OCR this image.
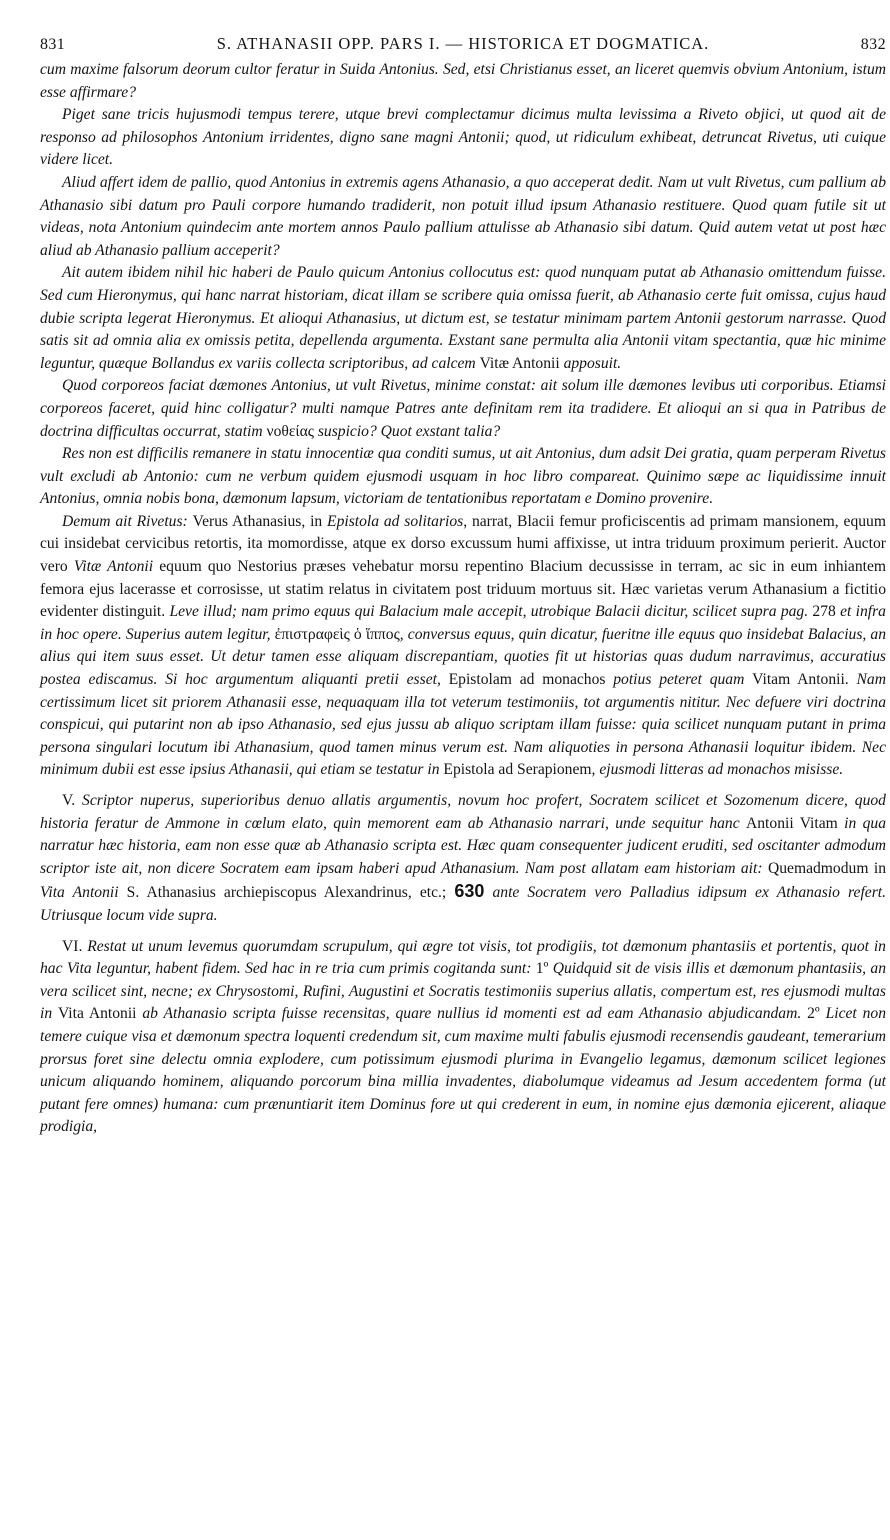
831	S. ATHANASII OPP. PARS I. — HISTORICA ET DOGMATICA.	832

cum maxime falsorum deorum cultor feratur in Suida Antonius. Sed, etsi Christianus esset, an liceret quemvis obvium Antonium, istum esse affirmare?

Piget sane tricis hujusmodi tempus terere, utque brevi complectamur dicimus multa levissima a Riveto objici, ut quod ait de responso ad philosophos Antonium irridentes, digno sane magni Antonii; quod, ut ridiculum exhibeat, detruncat Rivetus, uti cuique videre licet.

Aliud affert idem de pallio, quod Antonius in extremis agens Athanasio, a quo acceperat dedit. Nam ut vult Rivetus, cum pallium ab Athanasio sibi datum pro Pauli corpore humando tradiderit, non potuit illud ipsum Athanasio restituere. Quod quam futile sit ut videas, nota Antonium quindecim ante mortem annos Paulo pallium attulisse ab Athanasio sibi datum. Quid autem vetat ut post hæc aliud ab Athanasio pallium acceperit?

Ait autem ibidem nihil hic haberi de Paulo quicum Antonius collocutus est: quod nunquam putat ab Athanasio omittendum fuisse. Sed cum Hieronymus, qui hanc narrat historiam, dicat illam se scribere quia omissa fuerit, ab Athanasio certe fuit omissa, cujus haud dubie scripta legerat Hieronymus. Et alioqui Athanasius, ut dictum est, se testatur minimam partem Antonii gestorum narrasse. Quod satis sit ad omnia alia ex omissis petita, depellenda argumenta. Exstant sane permulta alia Antonii vitam spectantia, quæ hic minime leguntur, quæque Bollandus ex variis collecta scriptoribus, ad calcem Vitæ Antonii apposuit.

Quod corporeos faciat dæmones Antonius, ut vult Rivetus, minime constat: ait solum ille dæmones levibus uti corporibus. Etiamsi corporeos faceret, quid hinc colligatur? multi namque Patres ante definitam rem ita tradidere. Et alioqui an si qua in Patribus de doctrina difficultas occurrat, statim νοθείας suspicio? Quot exstant talia?

Res non est difficilis remanere in statu innocentiæ qua conditi sumus, ut ait Antonius, dum adsit Dei gratia, quam perperam Rivetus vult excludi ab Antonio: cum ne verbum quidem ejusmodi usquam in hoc libro compareat. Quinimo sæpe ac liquidissime innuit Antonius, omnia nobis bona, dæmonum lapsum, victoriam de tentationibus reportatam e Domino provenire.

Demum ait Rivetus: Verus Athanasius, in Epistola ad solitarios, narrat, Blacii femur proficiscentis ad primam mansionem, equum cui insidebat cervicibus retortis, ita momordisse, atque ex dorso excussum humi affixisse, ut intra triduum proximum perierit. Auctor vero Vitæ Antonii equum quo Nestorius præses vehebatur morsu repentino Blacium decussisse in terram, ac sic in eum inhiantem femora ejus lacerasse et corrosisse, ut statim relatus in civitatem post triduum mortuus sit. Hæc varietas verum Athanasium a fictitio evidenter distinguit. Leve illud; nam primo equus qui Balacium male accepit, utrobique Balacii dicitur, scilicet supra pag. 278 et infra in hoc opere. Superius autem legitur, ἐπιστραφεὶς ὁ ἵππος, conversus equus, quin dicatur, fueritne ille equus quo insidebat Balacius, an alius qui item suus esset. Ut detur tamen esse aliquam discrepantiam, quoties fit ut historias quas dudum narravimus, accuratius postea ediscamus. Si hoc argumentum aliquanti pretii esset, Epistolam ad monachos potius peteret quam Vitam Antonii. Nam certissimum licet sit priorem Athanasii esse, nequaquam illa tot veterum testimoniis, tot argumentis nititur. Nec defuere viri doctrina conspicui, qui putarint non ab ipso Athanasio, sed ejus jussu ab aliquo scriptam illam fuisse: quia scilicet nunquam putant in prima persona singulari locutum ibi Athanasium, quod tamen minus verum est. Nam aliquoties in persona Athanasii loquitur ibidem. Nec minimum dubii est esse ipsius Athanasii, qui etiam se testatur in Epistola ad Serapionem, ejusmodi litteras ad monachos misisse.

V. Scriptor nuperus, superioribus denuo allatis argumentis, novum hoc profert, Socratem scilicet et Sozomenum dicere, quod historia feratur de Ammone in cœlum elato, quin memorent eam ab Athanasio narrari, unde sequitur hanc Antonii Vitam in qua narratur hæc historia, eam non esse quæ ab Athanasio scripta est. Hæc quam consequenter judicent eruditi, sed oscitanter admodum scriptor iste ait, non dicere Socratem eam ipsam haberi apud Athanasium. Nam post allatam eam historiam ait: Quemadmodum in Vita Antonii S. Athanasius archiepiscopus Alexandrinus, etc.; 630 ante Socratem vero Palladius idipsum ex Athanasio refert. Utriusque locum vide supra.

VI. Restat ut unum levemus quorumdam scrupulum, qui ægre tot visis, tot prodigiis, tot dæmonum phantasiis et portentis, quot in hac Vita leguntur, habent fidem. Sed hac in re tria cum primis cogitanda sunt: 1º Quidquid sit de visis illis et dæmonum phantasiis, an vera scilicet sint, necne; ex Chrysostomi, Rufini, Augustini et Socratis testimoniis superius allatis, compertum est, res ejusmodi multas in Vita Antonii ab Athanasio scripta fuisse recensitas, quare nullius id momenti est ad eam Athanasio abjudicandam. 2º Licet non temere cuique visa et dæmonum spectra loquenti credendum sit, cum maxime multi fabulis ejusmodi recensendis gaudeant, temerarium prorsus foret sine delectu omnia explodere, cum potissimum ejusmodi plurima in Evangelio legamus, dæmonum scilicet legiones unicum aliquando hominem, aliquando porcorum bina millia invadentes, diabolumque videamus ad Jesum accedentem forma (ut putant fere omnes) humana: cum prænuntiarit item Dominus fore ut qui crederent in eum, in nomine ejus dæmonia ejicerent, aliaque prodigia,
